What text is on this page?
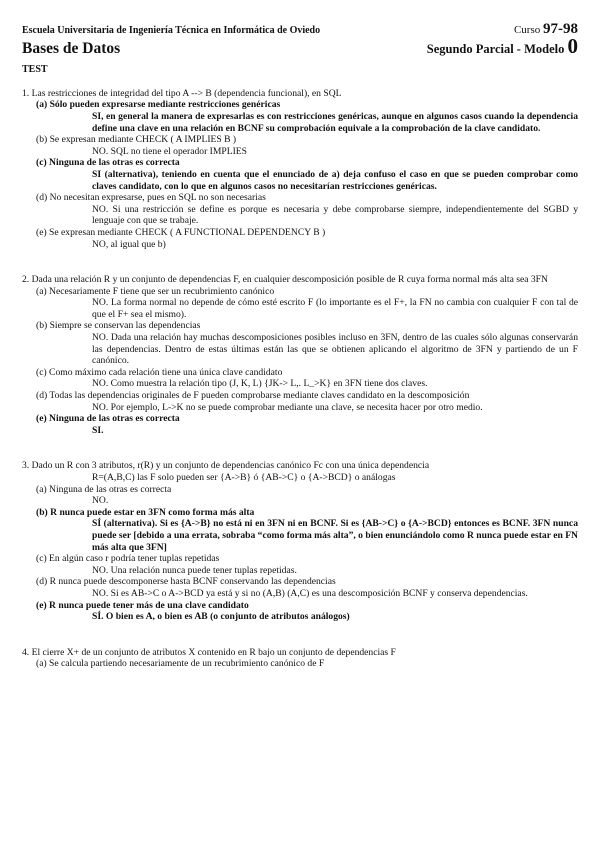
Escuela Universitaria de Ingeniería Técnica en Informática de Oviedo	Curso 97-98
Bases de Datos	Segundo Parcial - Modelo 0
TEST
1. Las restricciones de integridad del tipo A --> B (dependencia funcional), en SQL
(a) Sólo pueden expresarse mediante restricciones genéricas
SI, en general la manera de expresarlas es con restricciones genéricas, aunque en algunos casos cuando la dependencia define una clave en una relación en BCNF su comprobación equivale a la comprobación de la clave candidato.
(b) Se expresan mediante CHECK ( A IMPLIES B )
NO. SQL no tiene el operador IMPLIES
(c) Ninguna de las otras es correcta
SI (alternativa), teniendo en cuenta que el enunciado de a) deja confuso el caso en que se pueden comprobar como claves candidato, con lo que en algunos casos no necesitarían restricciones genéricas.
(d) No necesitan expresarse, pues en SQL no son necesarias
NO. Si una restricción se define es porque es necesaria y debe comprobarse siempre, independientemente del SGBD y lenguaje con que se trabaje.
(e) Se expresan mediante CHECK ( A FUNCTIONAL DEPENDENCY B )
NO, al igual que b)
2. Dada una relación R y un conjunto de dependencias F, en cualquier descomposición posible de R cuya forma normal más alta sea 3FN
(a) Necesariamente F tiene que ser un recubrimiento canónico
NO. La forma normal no depende de cómo esté escrito F (lo importante es el F+, la FN no cambia con cualquier F con tal de que el F+ sea el mismo).
(b) Siempre se conservan las dependencias
NO. Dada una relación hay muchas descomposiciones posibles incluso en 3FN, dentro de las cuales sólo algunas conservarán las dependencias. Dentro de estas últimas están las que se obtienen aplicando el algoritmo de 3FN y partiendo de un F canónico.
(c) Como máximo cada relación tiene una única clave candidato
NO. Como muestra la relación tipo (J, K, L) {JK-> L,. L_>K} en 3FN tiene dos claves.
(d) Todas las dependencias originales de F pueden comprobarse mediante claves candidato en la descomposición
NO. Por ejemplo, L->K no se puede comprobar mediante una clave, se necesita hacer por otro medio.
(e) Ninguna de las otras es correcta
SI.
3. Dado un R con 3 atributos, r(R) y un conjunto de dependencias canónico Fc con una única dependencia
R=(A,B,C) las F solo pueden ser {A->B} ó {AB->C} o {A->BCD} o análogas
(a) Ninguna de las otras es correcta
NO.
(b) R nunca puede estar en 3FN como forma más alta
SÍ (alternativa). Si es {A->B} no está ni en 3FN ni en BCNF. Si es {AB->C} o {A->BCD} entonces es BCNF. 3FN nunca puede ser [debido a una errata, sobraba “como forma más alta”, o bien enunciándolo como R nunca puede estar en FN más alta que 3FN]
(c) En algún caso r podría tener tuplas repetidas
NO. Una relación nunca puede tener tuplas repetidas.
(d) R nunca puede descomponerse hasta BCNF conservando las dependencias
NO. Si es AB->C o A->BCD ya está y si no (A,B) (A,C) es una descomposición BCNF y conserva dependencias.
(e) R nunca puede tener más de una clave candidato
SÍ. O bien es A, o bien es AB (o conjunto de atributos análogos)
4. El cierre X+ de un conjunto de atributos X contenido en R bajo un conjunto de dependencias F
(a) Se calcula partiendo necesariamente de un recubrimiento canónico de F
